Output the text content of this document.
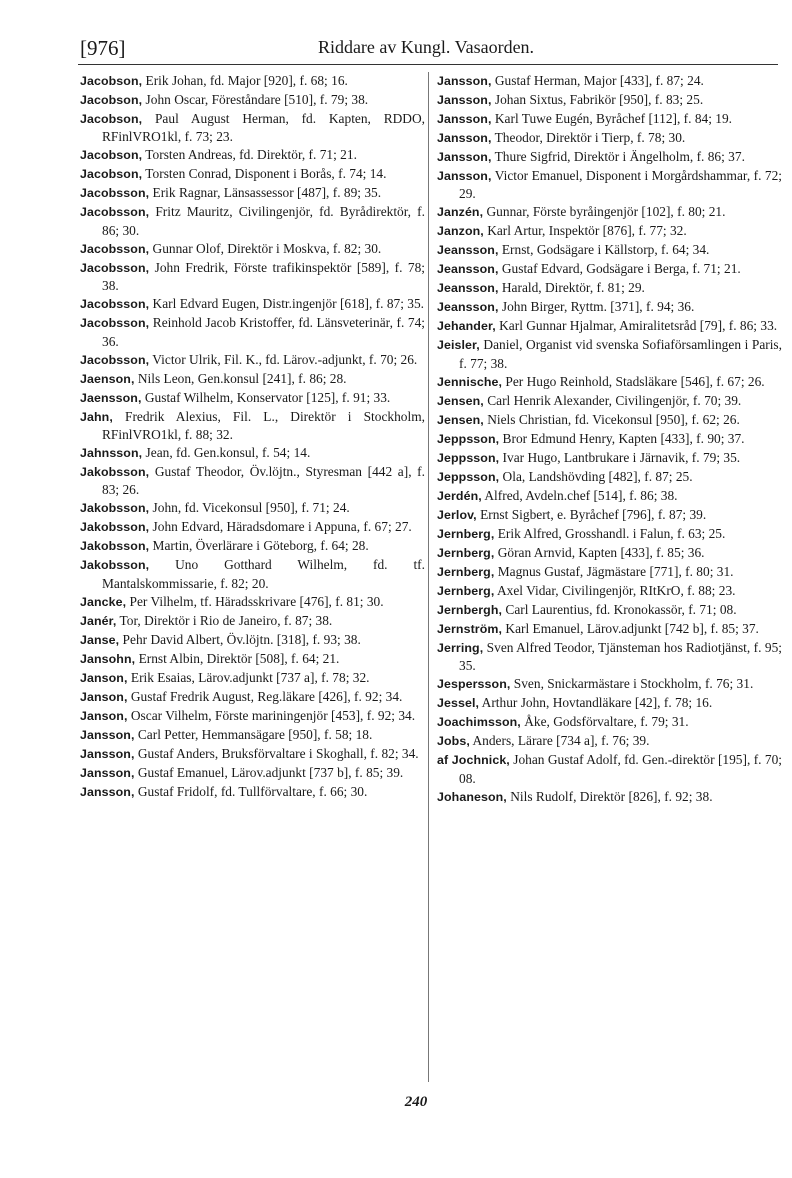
[976]	Riddare av Kungl. Vasaorden.
Jacobson, Erik Johan, fd. Major [920], f. 68; 16.
Jacobson, John Oscar, Föreståndare [510], f. 79; 38.
Jacobson, Paul August Herman, fd. Kapten, RDDO, RFinlVRO1kl, f. 73; 23.
Jacobson, Torsten Andreas, fd. Direktör, f. 71; 21.
Jacobson, Torsten Conrad, Disponent i Borås, f. 74; 14.
Jacobsson, Erik Ragnar, Länsassessor [487], f. 89; 35.
Jacobsson, Fritz Mauritz, Civilingenjör, fd. Byrådirektör, f. 86; 30.
Jacobsson, Gunnar Olof, Direktör i Moskva, f. 82; 30.
Jacobsson, John Fredrik, Förste trafikinspektör [589], f. 78; 38.
Jacobsson, Karl Edvard Eugen, Distr.ingenjör [618], f. 87; 35.
Jacobsson, Reinhold Jacob Kristoffer, fd. Länsveterinär, f. 74; 36.
Jacobsson, Victor Ulrik, Fil. K., fd. Lärov.-adjunkt, f. 70; 26.
Jaenson, Nils Leon, Gen.konsul [241], f. 86; 28.
Jaensson, Gustaf Wilhelm, Konservator [125], f. 91; 33.
Jahn, Fredrik Alexius, Fil. L., Direktör i Stockholm, RFinlVRO1kl, f. 88; 32.
Jahnsson, Jean, fd. Gen.konsul, f. 54; 14.
Jakobsson, Gustaf Theodor, Öv.löjtn., Styresman [442 a], f. 83; 26.
Jakobsson, John, fd. Vicekonsul [950], f. 71; 24.
Jakobsson, John Edvard, Häradsdomare i Appuna, f. 67; 27.
Jakobsson, Martin, Överlärare i Göteborg, f. 64; 28.
Jakobsson, Uno Gotthard Wilhelm, fd. tf. Mantalskommissarie, f. 82; 20.
Jancke, Per Vilhelm, tf. Häradsskrivare [476], f. 81; 30.
Janér, Tor, Direktör i Rio de Janeiro, f. 87; 38.
Janse, Pehr David Albert, Öv.löjtn. [318], f. 93; 38.
Jansohn, Ernst Albin, Direktör [508], f. 64; 21.
Janson, Erik Esaias, Lärov.adjunkt [737 a], f. 78; 32.
Janson, Gustaf Fredrik August, Reg.läkare [426], f. 92; 34.
Janson, Oscar Vilhelm, Förste mariningenjör [453], f. 92; 34.
Jansson, Carl Petter, Hemmansägare [950], f. 58; 18.
Jansson, Gustaf Anders, Bruksförvaltare i Skoghall, f. 82; 34.
Jansson, Gustaf Emanuel, Lärov.adjunkt [737 b], f. 85; 39.
Jansson, Gustaf Fridolf, fd. Tullförvaltare, f. 66; 30.
Jansson, Gustaf Herman, Major [433], f. 87; 24.
Jansson, Johan Sixtus, Fabrikör [950], f. 83; 25.
Jansson, Karl Tuwe Eugén, Byråchef [112], f. 84; 19.
Jansson, Theodor, Direktör i Tierp, f. 78; 30.
Jansson, Thure Sigfrid, Direktör i Ängelholm, f. 86; 37.
Jansson, Victor Emanuel, Disponent i Morgårdshammar, f. 72; 29.
Janzén, Gunnar, Förste byråingenjör [102], f. 80; 21.
Janzon, Karl Artur, Inspektör [876], f. 77; 32.
Jeansson, Ernst, Godsägare i Källstorp, f. 64; 34.
Jeansson, Gustaf Edvard, Godsägare i Berga, f. 71; 21.
Jeansson, Harald, Direktör, f. 81; 29.
Jeansson, John Birger, Ryttm. [371], f. 94; 36.
Jehander, Karl Gunnar Hjalmar, Amiralitetsråd [79], f. 86; 33.
Jeisler, Daniel, Organist vid svenska Sofiaförsamlingen i Paris, f. 77; 38.
Jennische, Per Hugo Reinhold, Stadsläkare [546], f. 67; 26.
Jensen, Carl Henrik Alexander, Civilingenjör, f. 70; 39.
Jensen, Niels Christian, fd. Vicekonsul [950], f. 62; 26.
Jeppsson, Bror Edmund Henry, Kapten [433], f. 90; 37.
Jeppsson, Ivar Hugo, Lantbrukare i Järnavik, f. 79; 35.
Jeppsson, Ola, Landshövding [482], f. 87; 25.
Jerdén, Alfred, Avdeln.chef [514], f. 86; 38.
Jerlov, Ernst Sigbert, e. Byråchef [796], f. 87; 39.
Jernberg, Erik Alfred, Grosshandl. i Falun, f. 63; 25.
Jernberg, Göran Arnvid, Kapten [433], f. 85; 36.
Jernberg, Magnus Gustaf, Jägmästare [771], f. 80; 31.
Jernberg, Axel Vidar, Civilingenjör, RItKrO, f. 88; 23.
Jernbergh, Carl Laurentius, fd. Kronokassör, f. 71; 08.
Jernström, Karl Emanuel, Lärov.adjunkt [742 b], f. 85; 37.
Jerring, Sven Alfred Teodor, Tjänsteman hos Radiotjänst, f. 95; 35.
Jespersson, Sven, Snickarmästare i Stockholm, f. 76; 31.
Jessel, Arthur John, Hovtandläkare [42], f. 78; 16.
Joachimsson, Åke, Godsförvaltare, f. 79; 31.
Jobs, Anders, Lärare [734 a], f. 76; 39.
af Jochnick, Johan Gustaf Adolf, fd. Gen.-direktör [195], f. 70; 08.
Johaneson, Nils Rudolf, Direktör [826], f. 92; 38.
240
